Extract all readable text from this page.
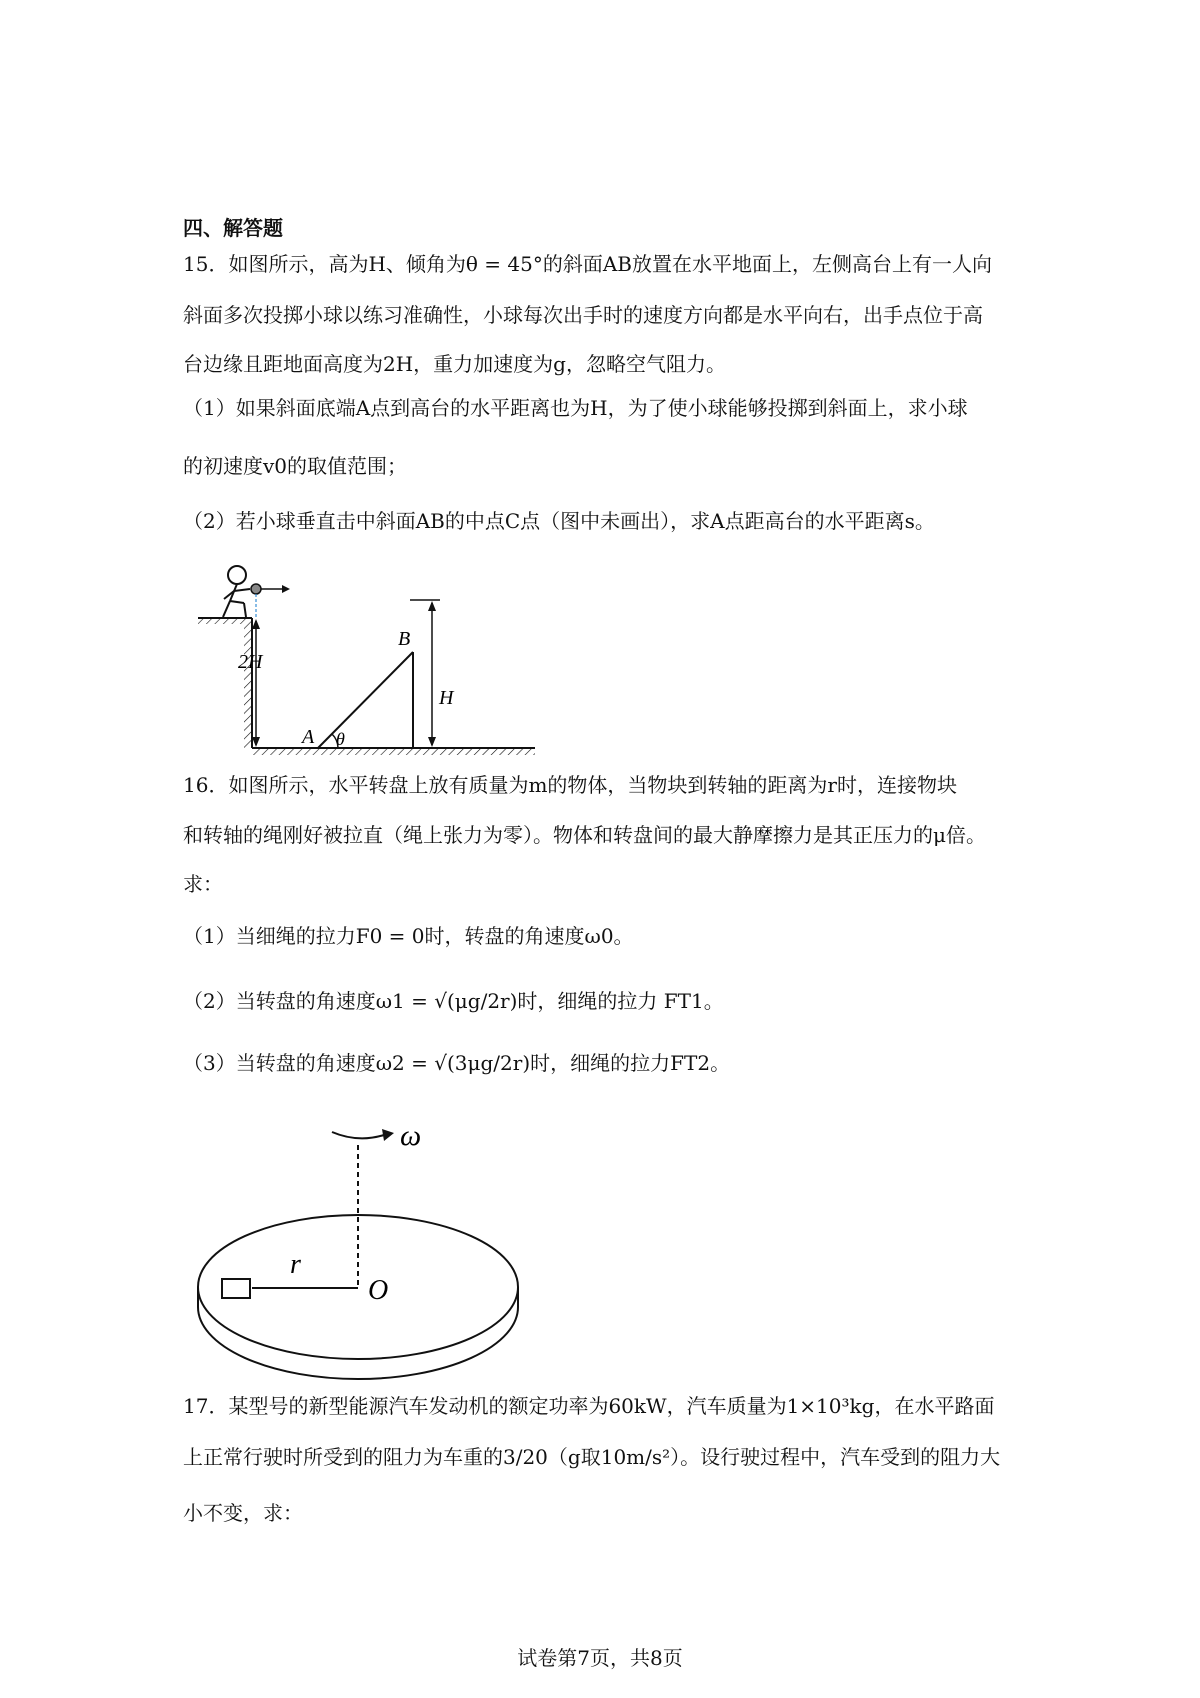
四、解答题
15．如图所示，高为H、倾角为θ = 45°的斜面AB放置在水平地面上，左侧高台上有一人向
斜面多次投掷小球以练习准确性，小球每次出手时的速度方向都是水平向右，出手点位于高
台边缘且距地面高度为2H，重力加速度为g，忽略空气阻力。
（1）如果斜面底端A点到高台的水平距离也为H，为了使小球能够投掷到斜面上，求小球
的初速度v0的取值范围；
（2）若小球垂直击中斜面AB的中点C点（图中未画出），求A点距高台的水平距离s。
2H
B
A θ
H
16．如图所示，水平转盘上放有质量为m的物体，当物块到转轴的距离为r时，连接物块
和转轴的绳刚好被拉直（绳上张力为零）。物体和转盘间的最大静摩擦力是其正压力的μ倍。
求：
（1）当细绳的拉力F0 = 0时，转盘的角速度ω0。
（2）当转盘的角速度ω1 = √(μg/2r)时，细绳的拉力 FT1。
（3）当转盘的角速度ω2 = √(3μg/2r)时，细绳的拉力FT2。
ω
r
O
17．某型号的新型能源汽车发动机的额定功率为60kW，汽车质量为1×10³kg，在水平路面
上正常行驶时所受到的阻力为车重的3/20（g取10m/s²）。设行驶过程中，汽车受到的阻力大
小不变，求：
试卷第7页，共8页
